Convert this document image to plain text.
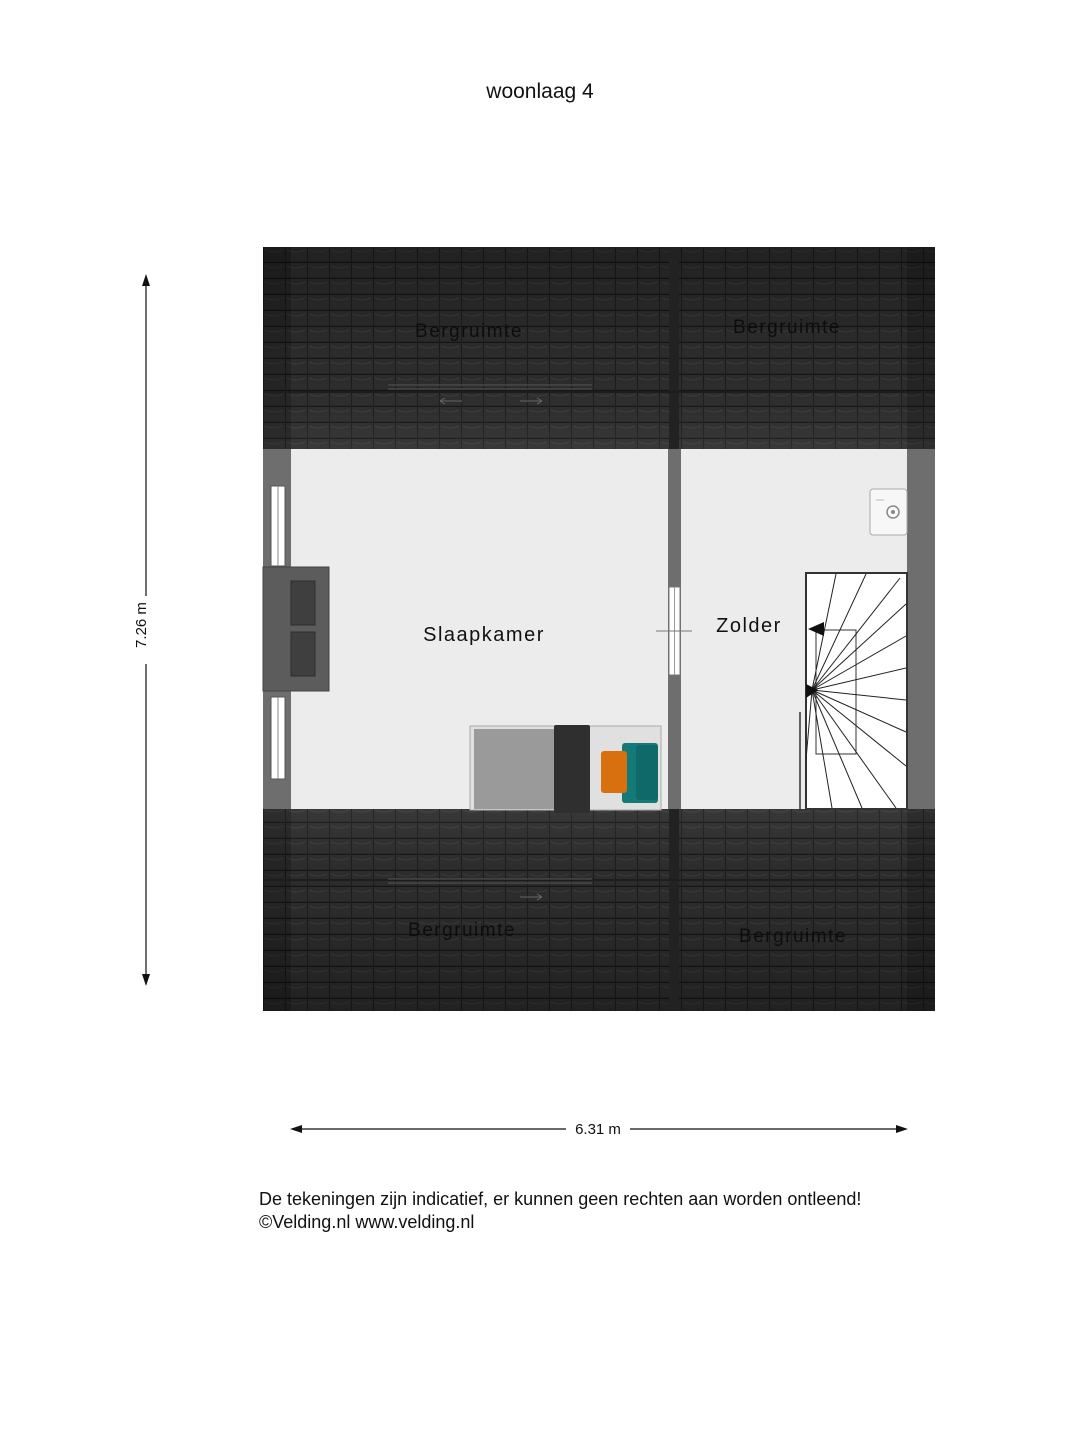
woonlaag 4
Bergruimte	Bergruimte
Bergruimte	Bergruimte
Slaapkamer	Zolder
7.26 m
6.31 m
De tekeningen zijn indicatief, er kunnen geen rechten aan worden ontleend!
©Velding.nl www.velding.nl
